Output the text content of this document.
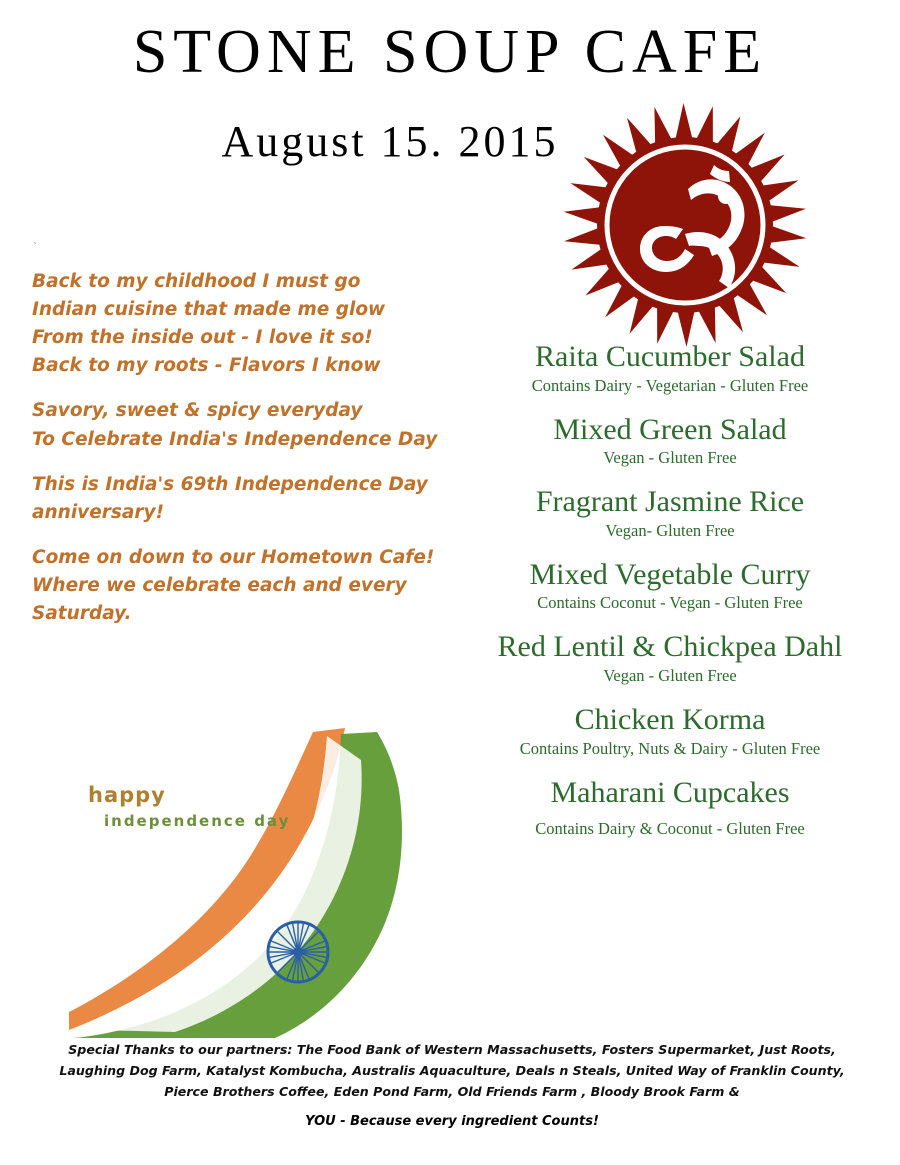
STONE SOUP CAFE
August 15. 2015
`
Back to my childhood I must go
Indian cuisine that made me glow
From the inside out - I love it so!
Back to my roots - Flavors I know
Savory, sweet & spicy everyday
To Celebrate India's Independence Day
This is India's 69th Independence Day anniversary!
Come on down to our Hometown Cafe!
Where we celebrate each and every Saturday.
happy
independence day
Raita Cucumber Salad
Contains Dairy - Vegetarian - Gluten Free
Mixed Green Salad
Vegan - Gluten Free
Fragrant Jasmine Rice
Vegan- Gluten Free
Mixed Vegetable Curry
Contains Coconut - Vegan - Gluten Free
Red Lentil & Chickpea Dahl
Vegan - Gluten Free
Chicken Korma
Contains Poultry, Nuts & Dairy - Gluten Free
Maharani Cupcakes
Contains Dairy & Coconut - Gluten Free
Special Thanks to our partners: The Food Bank of Western Massachusetts, Fosters Supermarket, Just Roots, Laughing Dog Farm, Katalyst Kombucha, Australis Aquaculture, Deals n Steals, United Way of Franklin County, Pierce Brothers Coffee, Eden Pond Farm, Old Friends Farm , Bloody Brook Farm &
YOU - Because every ingredient Counts!
